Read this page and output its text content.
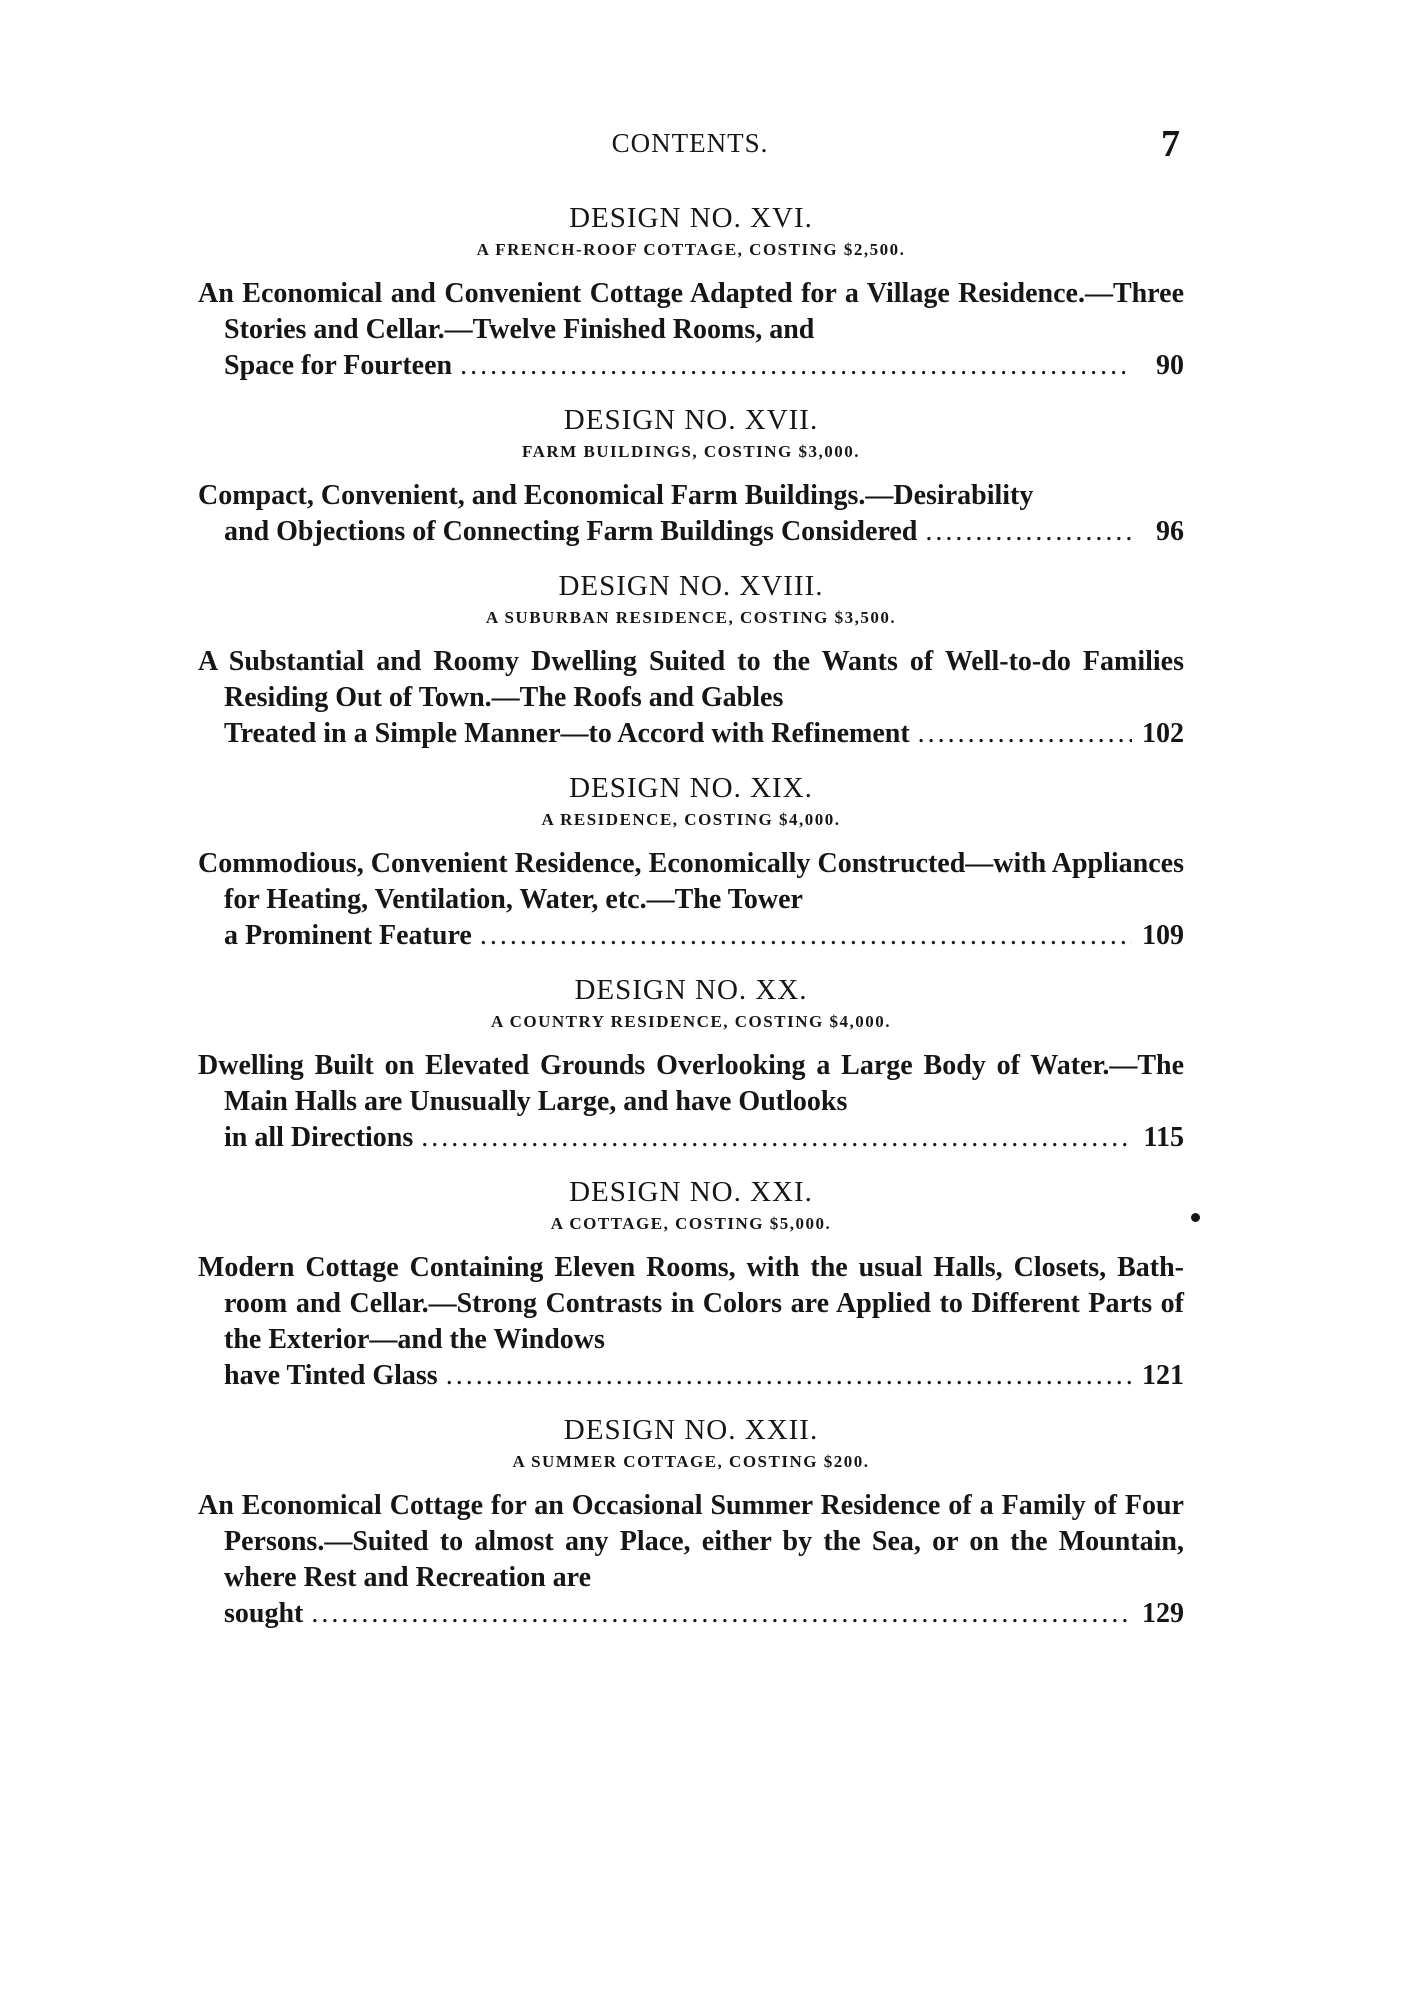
CONTENTS.	7
DESIGN NO. XVI.
A FRENCH-ROOF COTTAGE, COSTING $2,500.
An Economical and Convenient Cottage Adapted for a Village Residence.—Three Stories and Cellar.—Twelve Finished Rooms, and
Space for Fourteen . . .	90
DESIGN NO. XVII.
FARM BUILDINGS, COSTING $3,000.
Compact, Convenient, and Economical Farm Buildings.—Desirability
and Objections of Connecting Farm Buildings Considered . . .	96
DESIGN NO. XVIII.
A SUBURBAN RESIDENCE, COSTING $3,500.
A Substantial and Roomy Dwelling Suited to the Wants of Well-to-do Families Residing Out of Town.—The Roofs and Gables
Treated in a Simple Manner—to Accord with Refinement . . .	102
DESIGN NO. XIX.
A RESIDENCE, COSTING $4,000.
Commodious, Convenient Residence, Economically Constructed—with Appliances for Heating, Ventilation, Water, etc.—The Tower
a Prominent Feature . . .	109
DESIGN NO. XX.
A COUNTRY RESIDENCE, COSTING $4,000.
Dwelling Built on Elevated Grounds Overlooking a Large Body of Water.—The Main Halls are Unusually Large, and have Outlooks
in all Directions . . .	115
DESIGN NO. XXI.
A COTTAGE, COSTING $5,000.
Modern Cottage Containing Eleven Rooms, with the usual Halls, Closets, Bath-room and Cellar.—Strong Contrasts in Colors are Applied to Different Parts of the Exterior—and the Windows
have Tinted Glass . . .	121
DESIGN NO. XXII.
A SUMMER COTTAGE, COSTING $200.
An Economical Cottage for an Occasional Summer Residence of a Family of Four Persons.—Suited to almost any Place, either by the Sea, or on the Mountain, where Rest and Recreation are
sought . . .	129
